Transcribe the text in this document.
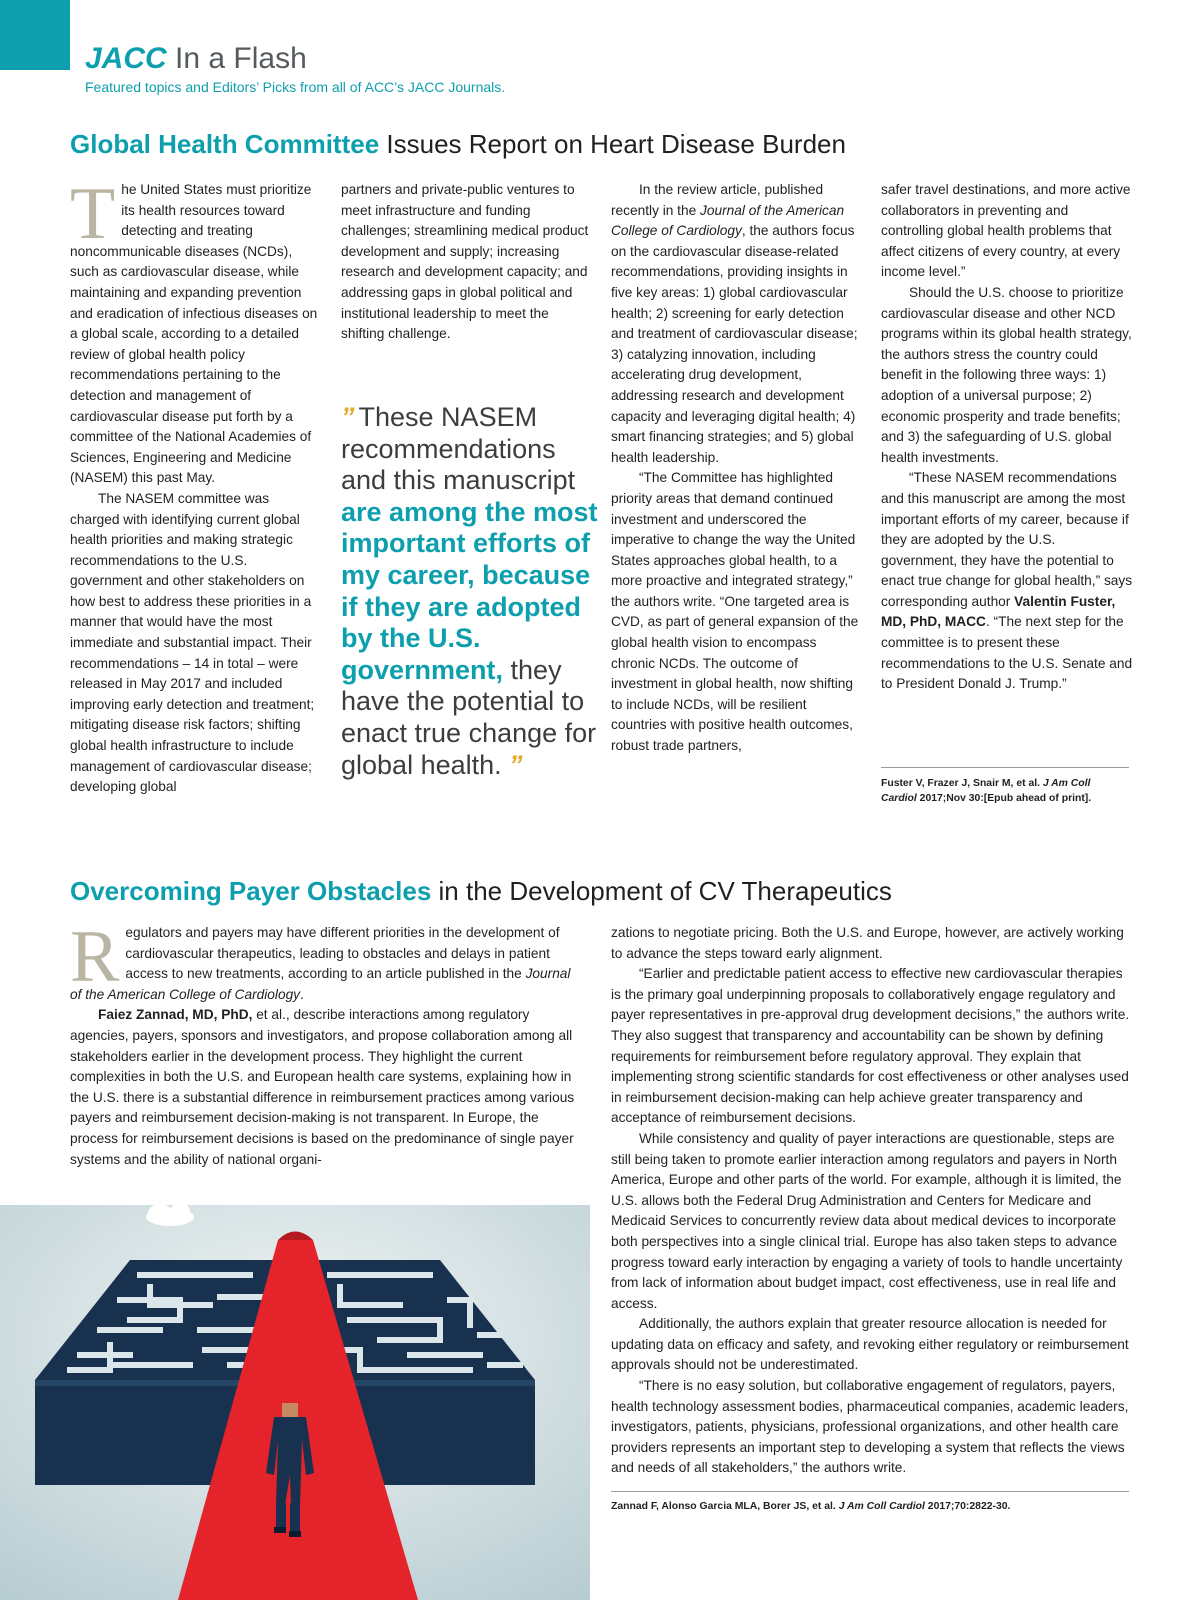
JACC In a Flash
Featured topics and Editors’ Picks from all of ACC’s JACC Journals.
Global Health Committee Issues Report on Heart Disease Burden

The United States must prioritize its health resources toward detecting and treating noncommunicable diseases (NCDs), such as cardiovascular disease, while maintaining and expanding prevention and eradication of infectious diseases on a global scale, according to a detailed review of global health policy recommendations pertaining to the detection and management of cardiovascular disease put forth by a committee of the National Academies of Sciences, Engineering and Medicine (NASEM) this past May.

The NASEM committee was charged with identifying current global health priorities and making strategic recommendations to the U.S. government and other stakeholders on how best to address these priorities in a manner that would have the most immediate and substantial impact. Their recommendations – 14 in total – were released in May 2017 and included improving early detection and treatment; mitigating disease risk factors; shifting global health infrastructure to include management of cardiovascular disease; developing global

partners and private-public ventures to meet infrastructure and funding challenges; streamlining medical product development and supply; increasing research and development capacity; and addressing gaps in global political and institutional leadership to meet the shifting challenge.

” These NASEM recommendations and this manuscript are among the most important efforts of my career, because if they are adopted by the U.S. government, they have the potential to enact true change for global health. ”

In the review article, published recently in the Journal of the American College of Cardiology, the authors focus on the cardiovascular disease-related recommendations, providing insights in five key areas: 1) global cardiovascular health; 2) screening for early detection and treatment of cardiovascular disease; 3) catalyzing innovation, including accelerating drug development, addressing research and development capacity and leveraging digital health; 4) smart financing strategies; and 5) global health leadership.

“The Committee has highlighted priority areas that demand continued investment and underscored the imperative to change the way the United States approaches global health, to a more proactive and integrated strategy,” the authors write. “One targeted area is CVD, as part of general expansion of the global health vision to encompass chronic NCDs. The outcome of investment in global health, now shifting to include NCDs, will be resilient countries with positive health outcomes, robust trade partners,

safer travel destinations, and more active collaborators in preventing and controlling global health problems that affect citizens of every country, at every income level.”

Should the U.S. choose to prioritize cardiovascular disease and other NCD programs within its global health strategy, the authors stress the country could benefit in the following three ways: 1) adoption of a universal purpose; 2) economic prosperity and trade benefits; and 3) the safeguarding of U.S. global health investments.

“These NASEM recommendations and this manuscript are among the most important efforts of my career, because if they are adopted by the U.S. government, they have the potential to enact true change for global health,” says corresponding author Valentin Fuster, MD, PhD, MACC. “The next step for the committee is to present these recommendations to the U.S. Senate and to President Donald J. Trump.”

Fuster V, Frazer J, Snair M, et al. J Am Coll Cardiol 2017;Nov 30:[Epub ahead of print].
Overcoming Payer Obstacles in the Development of CV Therapeutics

Regulators and payers may have different priorities in the development of cardiovascular therapeutics, leading to obstacles and delays in patient access to new treatments, according to an article published in the Journal of the American College of Cardiology.

Faiez Zannad, MD, PhD, et al., describe interactions among regulatory agencies, payers, sponsors and investigators, and propose collaboration among all stakeholders earlier in the development process. They highlight the current complexities in both the U.S. and European health care systems, explaining how in the U.S. there is a substantial difference in reimbursement practices among various payers and reimbursement decision-making is not transparent. In Europe, the process for reimbursement decisions is based on the predominance of single payer systems and the ability of national organi-

zations to negotiate pricing. Both the U.S. and Europe, however, are actively working to advance the steps toward early alignment.

“Earlier and predictable patient access to effective new cardiovascular therapies is the primary goal underpinning proposals to collaboratively engage regulatory and payer representatives in pre-approval drug development decisions,” the authors write. They also suggest that transparency and accountability can be shown by defining requirements for reimbursement before regulatory approval. They explain that implementing strong scientific standards for cost effectiveness or other analyses used in reimbursement decision-making can help achieve greater transparency and acceptance of reimbursement decisions.

While consistency and quality of payer interactions are questionable, steps are still being taken to promote earlier interaction among regulators and payers in North America, Europe and other parts of the world. For example, although it is limited, the U.S. allows both the Federal Drug Administration and Centers for Medicare and Medicaid Services to concurrently review data about medical devices to incorporate both perspectives into a single clinical trial. Europe has also taken steps to advance progress toward early interaction by engaging a variety of tools to handle uncertainty from lack of information about budget impact, cost effectiveness, use in real life and access.

Additionally, the authors explain that greater resource allocation is needed for updating data on efficacy and safety, and revoking either regulatory or reimbursement approvals should not be underestimated.

“There is no easy solution, but collaborative engagement of regulators, payers, health technology assessment bodies, pharmaceutical companies, academic leaders, investigators, patients, physicians, professional organizations, and other health care providers represents an important step to developing a system that reflects the views and needs of all stakeholders,” the authors write.

Zannad F, Alonso Garcia MLA, Borer JS, et al. J Am Coll Cardiol 2017;70:2822-30.
